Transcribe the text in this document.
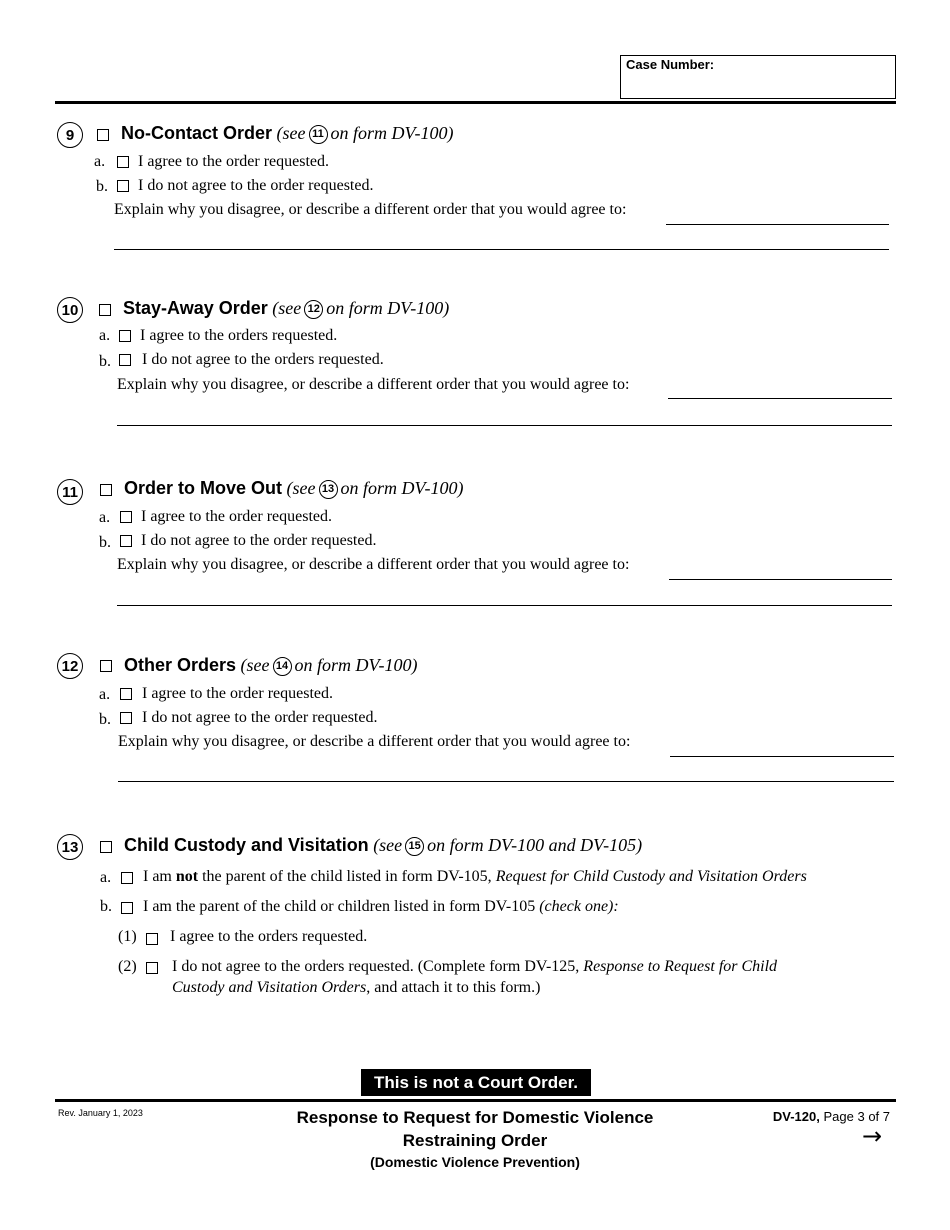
Case Number:
9	No-Contact Order (see 11 on form DV-100)
a. I agree to the order requested.
b. I do not agree to the order requested.
Explain why you disagree, or describe a different order that you would agree to:
10 Stay-Away Order (see 12 on form DV-100)
a. I agree to the orders requested.
b. I do not agree to the orders requested.
Explain why you disagree, or describe a different order that you would agree to:
11	Order to Move Out (see 13 on form DV-100)
a. I agree to the order requested.
b. I do not agree to the order requested.
Explain why you disagree, or describe a different order that you would agree to:
12	Other Orders (see 14 on form DV-100)
a. I agree to the order requested.
b. I do not agree to the order requested.
Explain why you disagree, or describe a different order that you would agree to:
13	Child Custody and Visitation (see 15 on form DV-100 and DV-105)
a. I am not the parent of the child listed in form DV-105, Request for Child Custody and Visitation Orders
b. I am the parent of the child or children listed in form DV-105 (check one):
(1) I agree to the orders requested.
(2) I do not agree to the orders requested. (Complete form DV-125, Response to Request for Child
Custody and Visitation Orders, and attach it to this form.)
This is not a Court Order.
Rev. January 1, 2023	Response to Request for Domestic Violence
Restraining Order
(Domestic Violence Prevention)
DV-120, Page 3 of 7
→
